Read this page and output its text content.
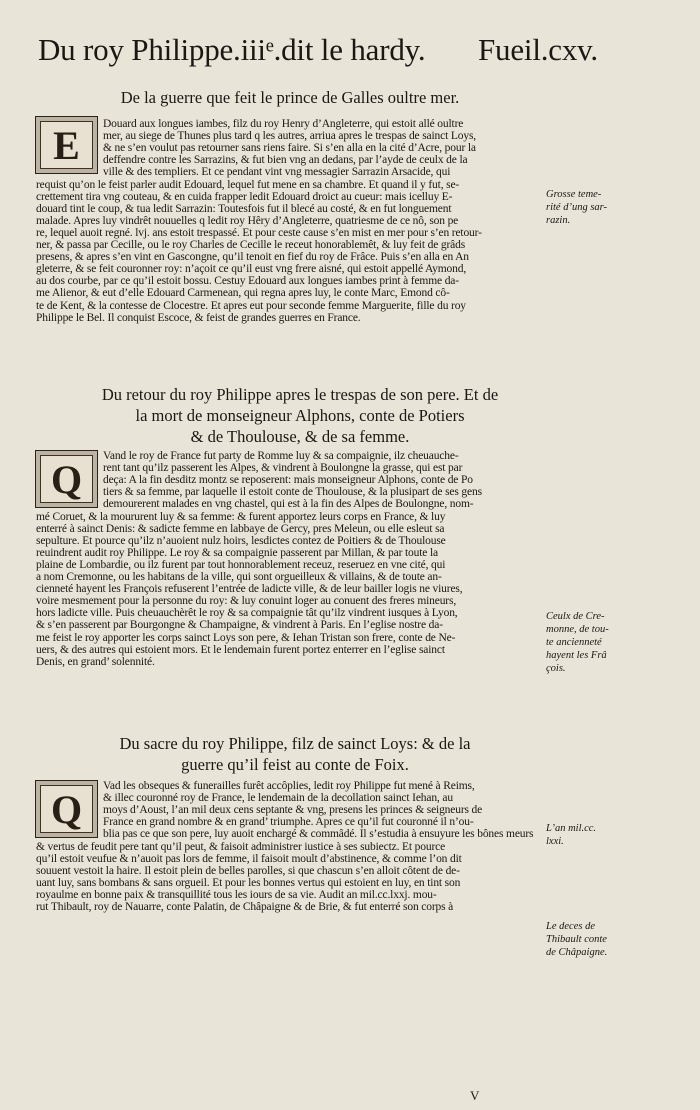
Du roy Philippe.iiiᵉ.dit le hardy. Fueil.cxv.
De la guerre que feit le prince de Galles oultre mer.
E	Douard aux longues iambes, filz du roy Henry d’Angleterre, qui estoit allé oultre
mer, au siege de Thunes plus tard q les autres, arriua apres le trespas de sainct Loys,
& ne s’en voulut pas retourner sans riens faire. Si s’en alla en la cité d’Acre, pour la
deffendre contre les Sarrazins, & fut bien vng an dedans, par l’ayde de ceulx de la
ville & des templiers. Et ce pendant vint vng messagier Sarrazin Arsacide, qui
requist qu’on le feist parler audit Edouard, lequel fut mene en sa chambre. Et quand il y fut, se-
crettement tira vng couteau, & en cuida frapper ledit Edouard droict au cueur: mais icelluy E-
douard tint le coup, & tua ledit Sarrazin: Toutesfois fut il blecé au costé, & en fut longuement
malade. Apres luy vindrêt nouuelles q ledit roy Hêry d’Angleterre, quatriesme de ce nô, son pe
re, lequel auoit regné. lvj. ans estoit trespassé. Et pour ceste cause s’en mist en mer pour s’en retour-
ner, & passa par Cecille, ou le roy Charles de Cecille le receut honorablemêt, & luy feit de grâds
presens, & apres s’en vint en Gascongne, qu’il tenoit en fief du roy de Frâce. Puis s’en alla en An
gleterre, & se feit couronner roy: n’açoit ce qu’il eust vng frere aisné, qui estoit appellé Aymond,
au dos courbe, par ce qu’il estoit bossu. Cestuy Edouard aux longues iambes print à femme da-
me Alienor, & eut d’elle Edouard Carmenean, qui regna apres luy, le conte Marc, Emond cô-
te de Kent, & la contesse de Clocestre. Et apres eut pour seconde femme Marguerite, fille du roy
Philippe le Bel. Il conquist Escoce, & feist de grandes guerres en France.
Du retour du roy Philippe apres le trespas de son pere. Et de
la mort de monseigneur Alphons, conte de Potiers
& de Thoulouse, & de sa femme.
Q
Vand le roy de France fut party de Romme luy & sa compaignie, ilz cheuauche-
rent tant qu’ilz passerent les Alpes, & vindrent à Boulongne la grasse, qui est par
deça: A la fin desditz montz se reposerent: mais monseigneur Alphons, conte de Po
tiers & sa femme, par laquelle il estoit conte de Thoulouse, & la plusipart de ses gens
demourerent malades en vng chastel, qui est à la fin des Alpes de Boulongne, nom-
mé Coruet, & la moururent luy & sa femme: & furent apportez leurs corps en France, & luy
enterré à sainct Denis: & sadicte femme en labbaye de Gercy, pres Meleun, ou elle esleut sa
sepulture. Et pource qu’ilz n’auoient nulz hoirs, lesdictes contez de Poitiers & de Thoulouse
reuindrent audit roy Philippe. Le roy & sa compaignie passerent par Millan, & par toute la
plaine de Lombardie, ou ilz furent par tout honnorablement receuz, reseruez en vne cité, qui
a nom Cremonne, ou les habitans de la ville, qui sont orgueilleux & villains, & de toute an-
cienneté hayent les François refuserent l’entrée de ladicte ville, & de leur bailler logis ne viures,
voire mesmement pour la personne du roy: & luy conuint loger au conuent des freres mineurs,
hors ladicte ville. Puis cheuauchèrêt le roy & sa compaignie tât qu’ilz vindrent iusques à Lyon,
& s’en passerent par Bourgongne & Champaigne, & vindrent à Paris. En l’eglise nostre da-
me feist le roy apporter les corps sainct Loys son pere, & Iehan Tristan son frere, conte de Ne-
uers, & des autres qui estoient mors. Et le lendemain furent portez enterrer en l’eglise sainct
Denis, en grand’ solennité.
Du sacre du roy Philippe, filz de sainct Loys: & de la
guerre qu’il feist au conte de Foix.
Q
Vad les obseques & funerailles furêt accôplies, ledit roy Philippe fut mené à Reims,
& illec couronné roy de France, le lendemain de la decollation sainct Iehan, au
moys d’Aoust, l’an mil deux cens septante & vng, presens les princes & seigneurs de
France en grand nombre & en grand’ triumphe. Apres ce qu’il fut couronné il n’ou-
blia pas ce que son pere, luy auoit enchargé & commâdé. Il s’estudia à ensuyure les bônes meurs
& vertus de feudit pere tant qu’il peut, & faisoit administrer iustice à ses subiectz. Et pource
qu’il estoit veufue & n’auoit pas lors de femme, il faisoit moult d’abstinence, & comme l’on dit
souuent vestoit la haire. Il estoit plein de belles parolles, si que chascun s’en alloit côtent de de-
uant luy, sans bombans & sans orgueil. Et pour les bonnes vertus qui estoient en luy, en tint son
royaulme en bonne paix & transquillité tous les iours de sa vie. Audit an mil.cc.lxxj. mou-
rut Thibault, roy de Nauarre, conte Palatin, de Châpaigne & de Brie, & fut enterré son corps à
Grosse teme-
rité d’ung sar-
razin.
Ceulx de Cre-
monne, de tou-
te ancienneté
hayent les Frâ
çois.
L’an mil.cc.
lxxi.
Le deces de
Thibault conte
de Châpaigne.
V
